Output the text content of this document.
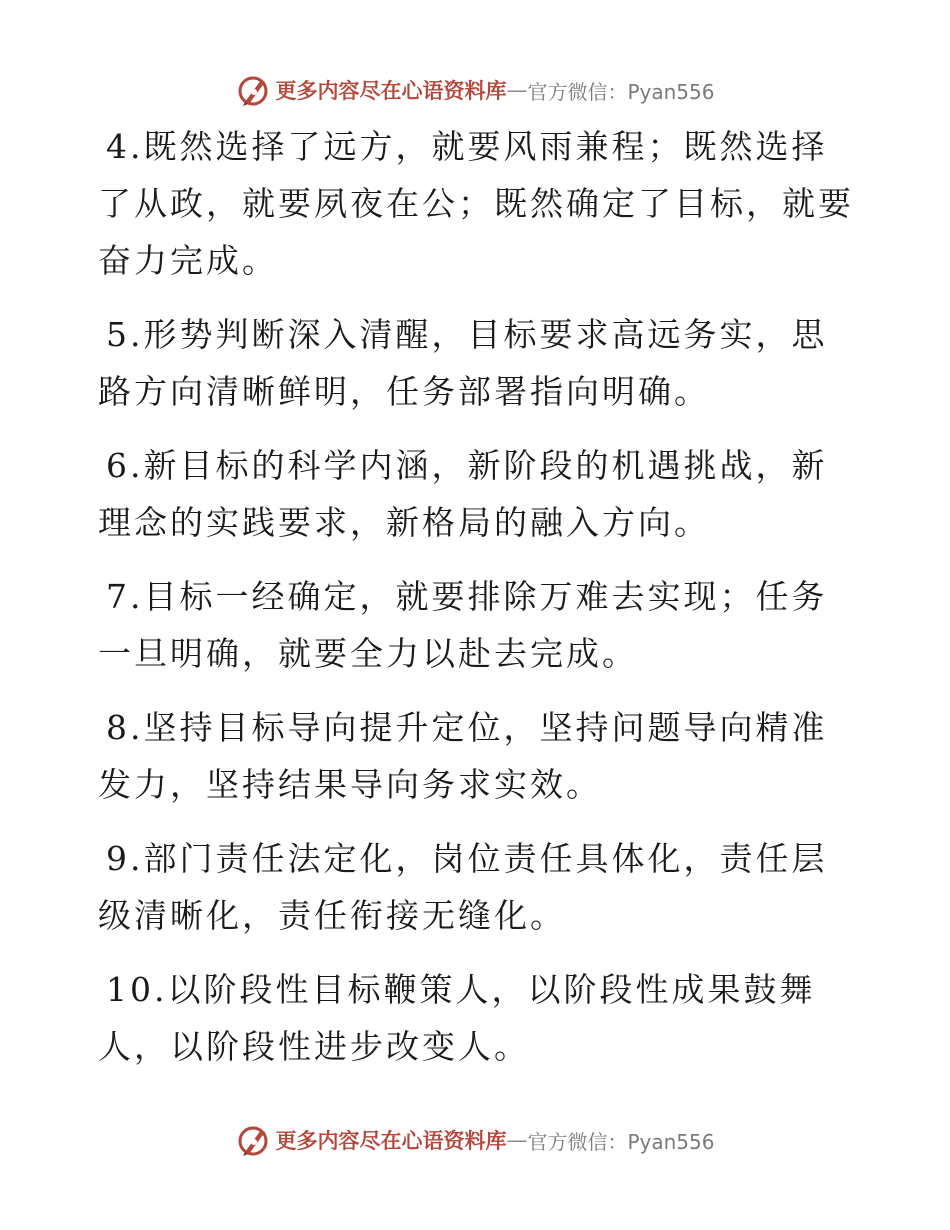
更多内容尽在心语资料库 — 官方微信：Pyan556

4.既然选择了远方，就要风雨兼程；既然选择了从政，就要夙夜在公；既然确定了目标，就要奋力完成。

5.形势判断深入清醒，目标要求高远务实，思路方向清晰鲜明，任务部署指向明确。

6.新目标的科学内涵，新阶段的机遇挑战，新理念的实践要求，新格局的融入方向。

7.目标一经确定，就要排除万难去实现；任务一旦明确，就要全力以赴去完成。

8.坚持目标导向提升定位，坚持问题导向精准发力，坚持结果导向务求实效。

9.部门责任法定化，岗位责任具体化，责任层级清晰化，责任衔接无缝化。

10.以阶段性目标鞭策人，以阶段性成果鼓舞人，以阶段性进步改变人。

更多内容尽在心语资料库 — 官方微信：Pyan556
